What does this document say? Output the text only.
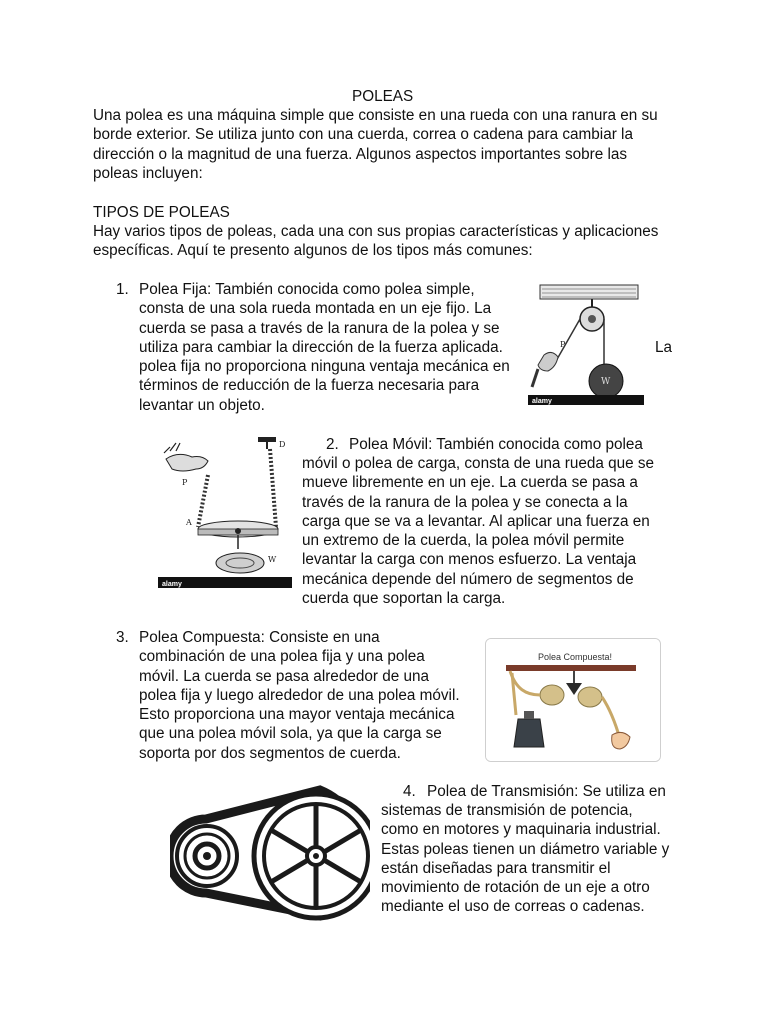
POLEAS
Una polea es una máquina simple que consiste en una rueda con una ranura en su
borde exterior. Se utiliza junto con una cuerda, correa o cadena para cambiar la
dirección o la magnitud de una fuerza. Algunos aspectos importantes sobre las
poleas incluyen:
TIPOS DE POLEAS
Hay varios tipos de poleas, cada una con sus propias características y aplicaciones
específicas. Aquí te presento algunos de los tipos más comunes:
1. Polea Fija: También conocida como polea simple,
consta de una sola rueda montada en un eje fijo. La
cuerda se pasa a través de la ranura de la polea y se
utiliza para cambiar la dirección de la fuerza aplicada.
polea fija no proporciona ninguna ventaja mecánica en
términos de reducción de la fuerza necesaria para
levantar un objeto.
La
P
W
alamy
2. Polea Móvil: También conocida como polea
móvil o polea de carga, consta de una rueda que se
mueve libremente en un eje. La cuerda se pasa a
través de la ranura de la polea y se conecta a la
carga que se va a levantar. Al aplicar una fuerza en
un extremo de la cuerda, la polea móvil permite
levantar la carga con menos esfuerzo. La ventaja
mecánica depende del número de segmentos de
cuerda que soportan la carga.
D
P
A
W
alamy
3. Polea Compuesta: Consiste en una
combinación de una polea fija y una polea
móvil. La cuerda se pasa alrededor de una
polea fija y luego alrededor de una polea móvil.
Esto proporciona una mayor ventaja mecánica
que una polea móvil sola, ya que la carga se
soporta por dos segmentos de cuerda.
Polea Compuesta!
4. Polea de Transmisión: Se utiliza en
sistemas de transmisión de potencia,
como en motores y maquinaria industrial.
Estas poleas tienen un diámetro variable y
están diseñadas para transmitir el
movimiento de rotación de un eje a otro
mediante el uso de correas o cadenas.
